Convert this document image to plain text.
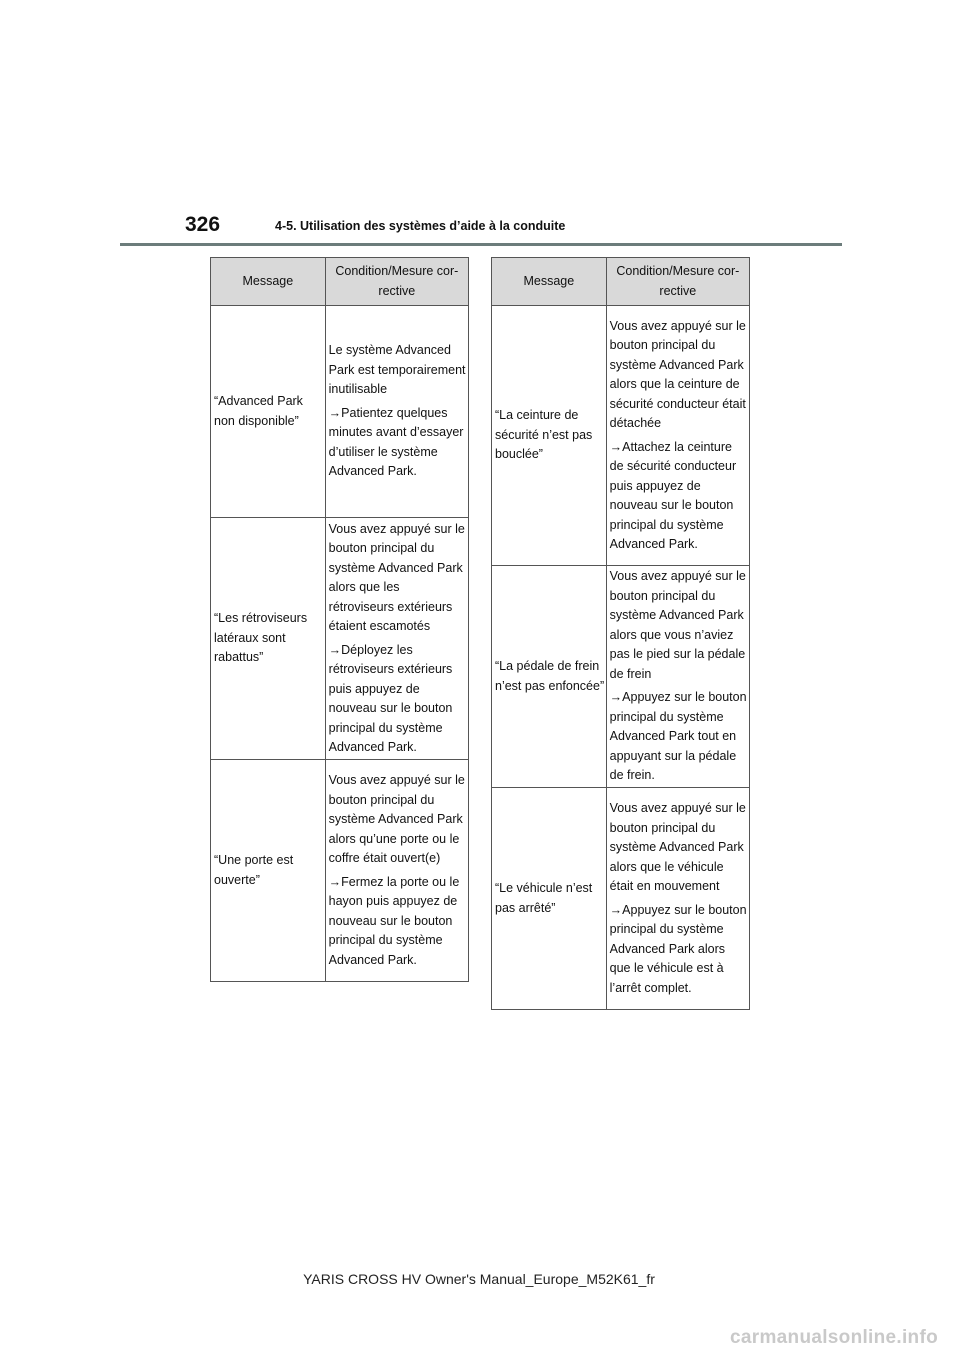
326	4-5. Utilisation des systèmes d’aide à la conduite
Message	Condition/Mesure cor-
rective
“Advanced Park non disponible”	Le système Advanced Park est temporairement inutilisable

→Patientez quelques minutes avant d’essayer d’utiliser le système Advanced Park.

“Les rétroviseurs latéraux sont rabattus”	Vous avez appuyé sur le bouton principal du système Advanced Park alors que les rétroviseurs extérieurs étaient escamotés

→Déployez les rétroviseurs extérieurs puis appuyez de nouveau sur le bouton principal du système Advanced Park.

“Une porte est ouverte”	Vous avez appuyé sur le bouton principal du système Advanced Park alors qu’une porte ou le coffre était ouvert(e)

→Fermez la porte ou le hayon puis appuyez de nouveau sur le bouton principal du système Advanced Park.

Message	Condition/Mesure cor-
rective
“La ceinture de sécurité n’est pas bouclée”	Vous avez appuyé sur le bouton principal du système Advanced Park alors que la ceinture de sécurité conducteur était détachée

→Attachez la ceinture de sécurité conducteur puis appuyez de nouveau sur le bouton principal du système Advanced Park.

“La pédale de frein n’est pas enfoncée”	Vous avez appuyé sur le bouton principal du système Advanced Park alors que vous n’aviez pas le pied sur la pédale de frein

→Appuyez sur le bouton principal du système Advanced Park tout en appuyant sur la pédale de frein.

“Le véhicule n’est pas arrêté”	Vous avez appuyé sur le bouton principal du système Advanced Park alors que le véhicule était en mouvement

→Appuyez sur le bouton principal du système Advanced Park alors que le véhicule est à l’arrêt complet.

YARIS CROSS HV Owner's Manual_Europe_M52K61_fr
carmanualsonline.info
